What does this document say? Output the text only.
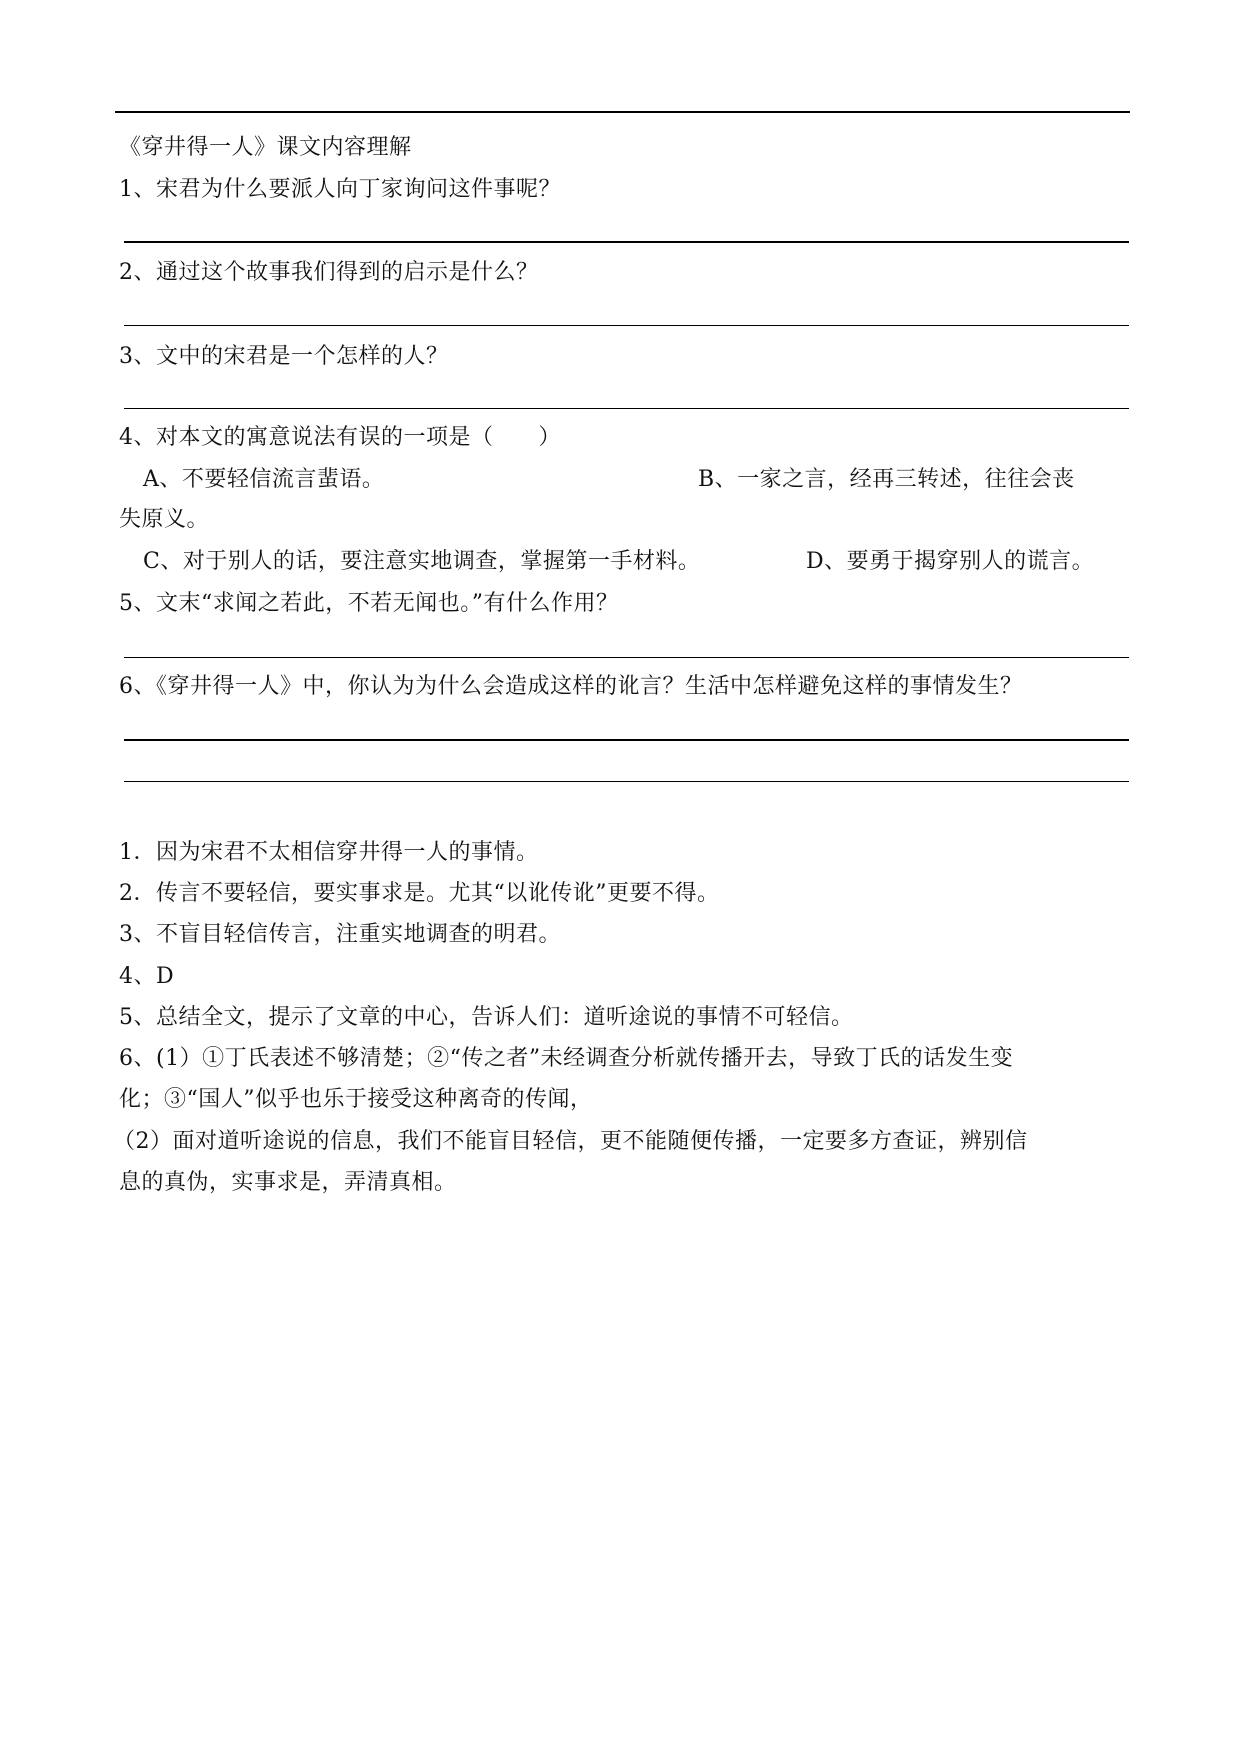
《穿井得一人》课文内容理解
1、宋君为什么要派人向丁家询问这件事呢？
2、通过这个故事我们得到的启示是什么？
3、文中的宋君是一个怎样的人？
4、对本文的寓意说法有误的一项是（　　）
A、不要轻信流言蜚语。	B、一家之言，经再三转述，往往会丧
失原义。
C、对于别人的话，要注意实地调查，掌握第一手材料。	D、要勇于揭穿别人的谎言。
5、文末“求闻之若此，不若无闻也。”有什么作用？
6、《穿井得一人》中，你认为为什么会造成这样的讹言？生活中怎样避免这样的事情发生？
1．因为宋君不太相信穿井得一人的事情。
2．传言不要轻信，要实事求是。尤其“以讹传讹”更要不得。
3、不盲目轻信传言，注重实地调查的明君。
4、D
5、总结全文，提示了文章的中心，告诉人们：道听途说的事情不可轻信。
6、(1）①丁氏表述不够清楚；②“传之者”未经调查分析就传播开去，导致丁氏的话发生变
化；③“国人”似乎也乐于接受这种离奇的传闻，
（2）面对道听途说的信息，我们不能盲目轻信，更不能随便传播，一定要多方查证，辨别信
息的真伪，实事求是，弄清真相。
